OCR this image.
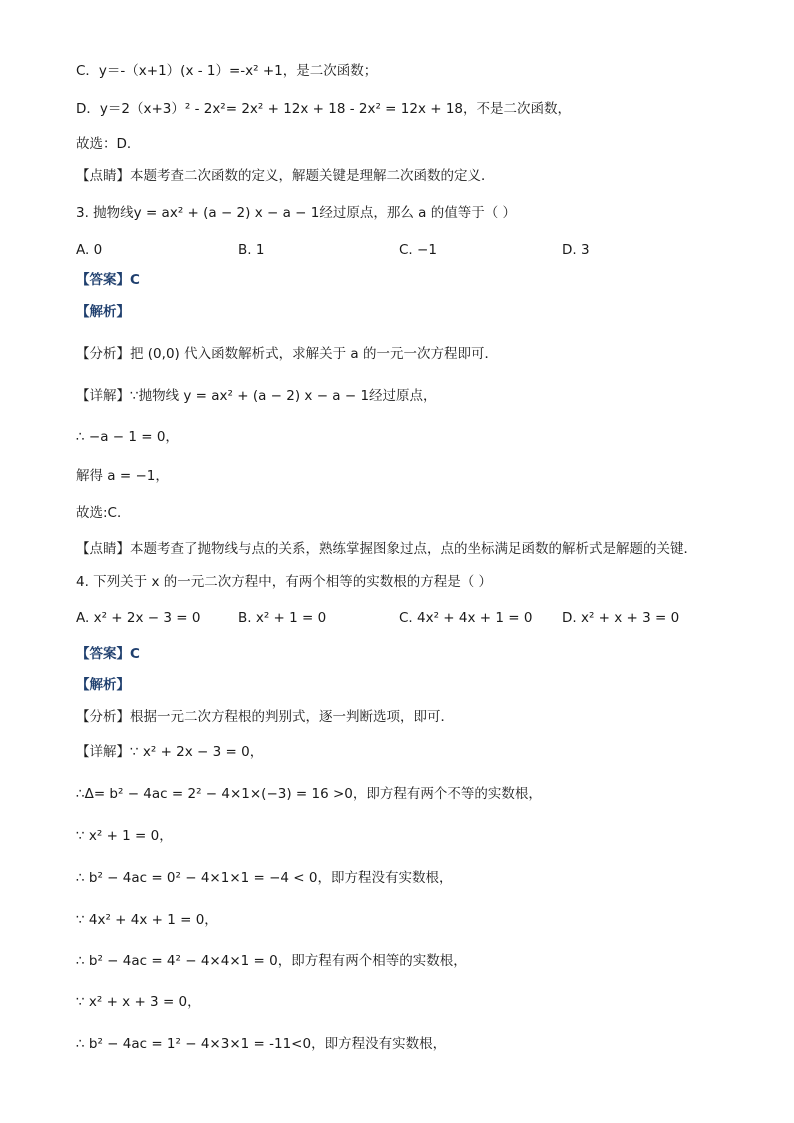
C．y＝-（x+1）(x - 1）=-x² +1，是二次函数；
D．y＝2（x+3）² - 2x²= 2x² + 12x + 18 - 2x² = 12x + 18，不是二次函数，
故选：D．
【点睛】本题考查二次函数的定义，解题关键是理解二次函数的定义．
3. 抛物线y = ax² + (a − 2) x − a − 1经过原点，那么 a 的值等于（ ）
A. 0	B. 1	C. −1	D. 3
【答案】C
【解析】
【分析】把 (0,0) 代入函数解析式，求解关于 a 的一元一次方程即可．
【详解】∵抛物线 y = ax² + (a − 2) x − a − 1经过原点，
∴ −a − 1 = 0，
解得 a = −1，
故选:C．
【点睛】本题考查了抛物线与点的关系，熟练掌握图象过点，点的坐标满足函数的解析式是解题的关键．
4. 下列关于 x 的一元二次方程中，有两个相等的实数根的方程是（ ）
A. x² + 2x − 3 = 0	B. x² + 1 = 0	C. 4x² + 4x + 1 = 0 D. x² + x + 3 = 0
【答案】C
【解析】
【分析】根据一元二次方程根的判别式，逐一判断选项，即可．
【详解】∵ x² + 2x − 3 = 0，
∴Δ= b² − 4ac = 2² − 4×1×(−3) = 16 >0，即方程有两个不等的实数根，
∵ x² + 1 = 0，
∴ b² − 4ac = 0² − 4×1×1 = −4 < 0，即方程没有实数根，
∵ 4x² + 4x + 1 = 0，
∴ b² − 4ac = 4² − 4×4×1 = 0，即方程有两个相等的实数根，
∵ x² + x + 3 = 0，
∴ b² − 4ac = 1² − 4×3×1 = -11<0，即方程没有实数根，
